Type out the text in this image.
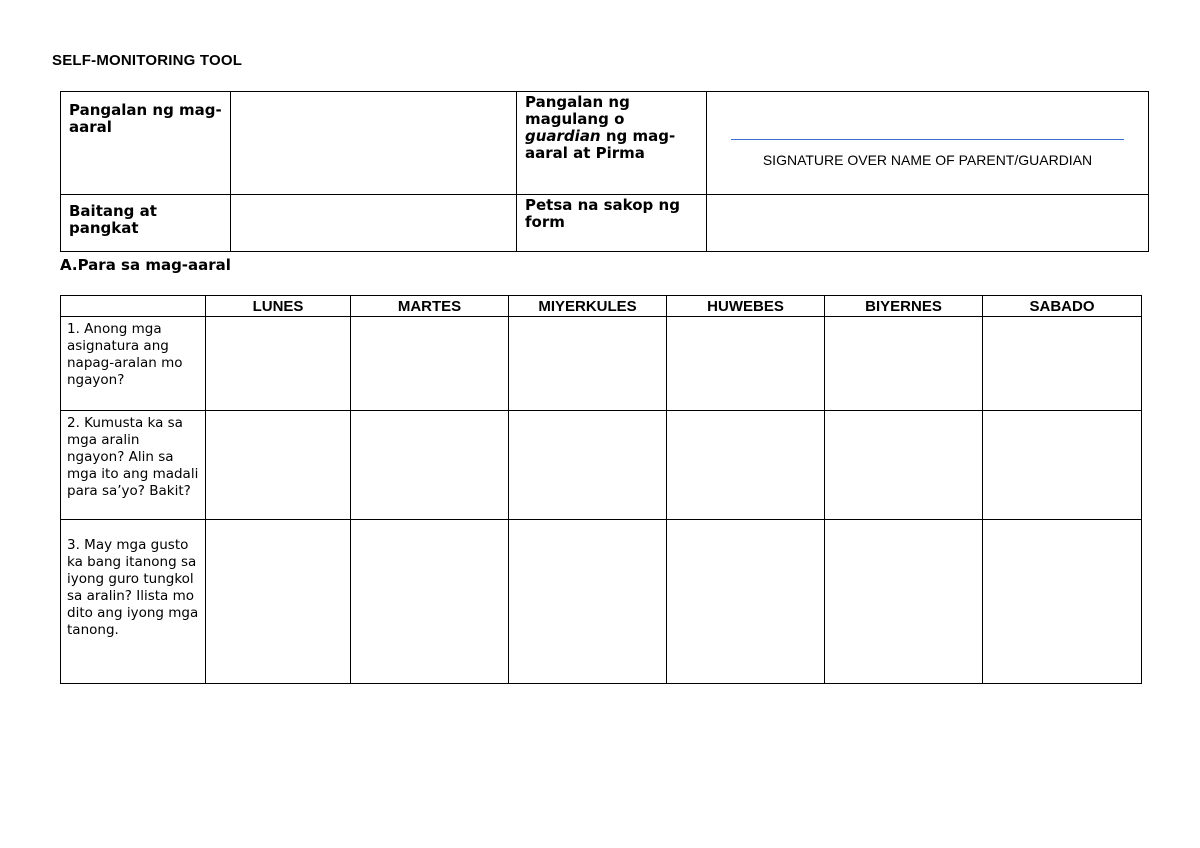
SELF-MONITORING TOOL
Pangalan ng mag- aaral		Pangalan ng magulang o guardian ng mag-aaral at Pirma	SIGNATURE OVER NAME OF PARENT/GUARDIAN

Baitang at pangkat		Petsa na sakop ng form	
A.Para sa mag-aaral
	LUNES	MARTES	MIYERKULES	HUWEBES	BIYERNES	SABADO
1. Anong mga asignatura ang napag-aralan mo ngayon?						
2. Kumusta ka sa mga aralin ngayon? Alin sa mga ito ang madali para sa’yo? Bakit?						
3. May mga gusto ka bang itanong sa iyong guro tungkol sa aralin? Ilista mo dito ang iyong mga tanong.						
